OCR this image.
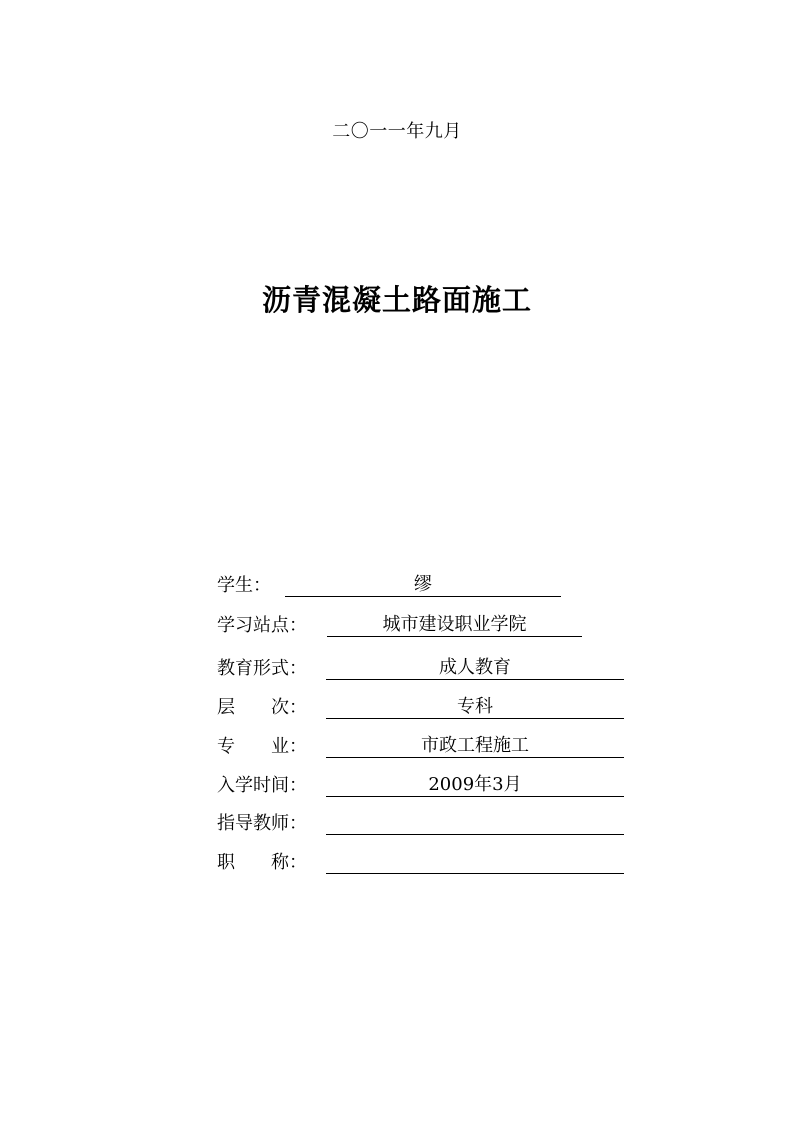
二〇一一年九月
沥青混凝土路面施工
学生：	缪
学习站点：	城市建设职业学院
教育形式：	成人教育
层　　次：	专科
专　　业：	市政工程施工
入学时间：	2009年3月
指导教师：
职　　称：
